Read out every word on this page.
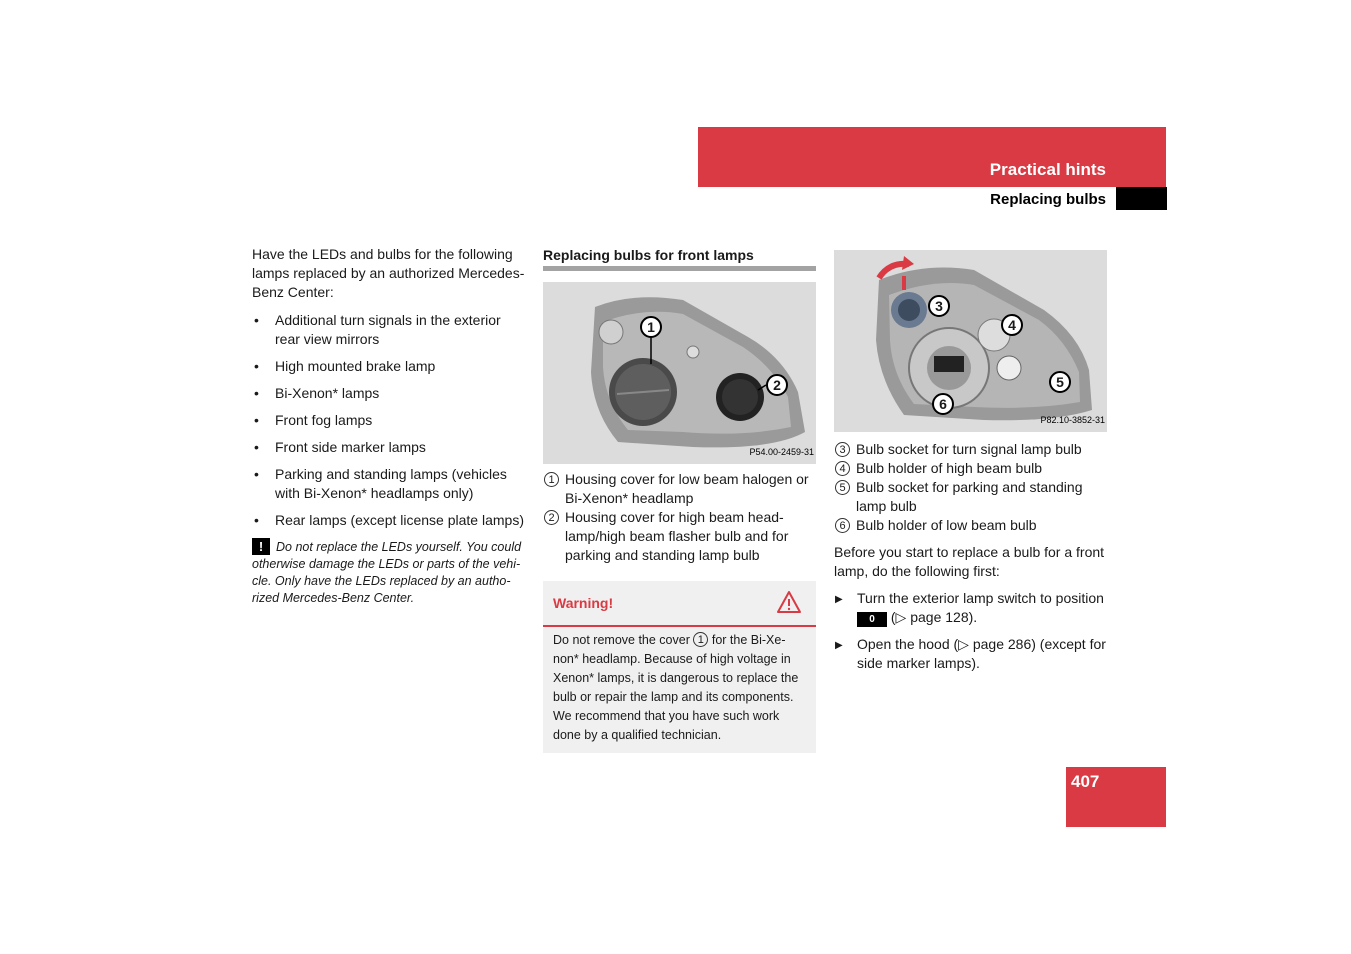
Practical hints
Replacing bulbs

Have the LEDs and bulbs for the following lamps replaced by an authorized Mercedes-Benz Center:

• Additional turn signals in the exterior rear view mirrors
• High mounted brake lamp
• Bi-Xenon* lamps
• Front fog lamps
• Front side marker lamps
• Parking and standing lamps (vehicles with Bi-Xenon* headlamps only)
• Rear lamps (except license plate lamps)
! Do not replace the LEDs yourself. You could otherwise damage the LEDs or parts of the vehi- cle. Only have the LEDs replaced by an autho- rized Mercedes-Benz Center.
Replacing bulbs for front lamps
1
2
P54.00-2459-31
1 Housing cover for low beam halogen or Bi-Xenon* headlamp
2 Housing cover for high beam head- lamp/high beam flasher bulb and for parking and standing lamp bulb
Warning!
Do not remove the cover 1 for the Bi-Xe- non* headlamp. Because of high voltage in Xenon* lamps, it is dangerous to replace the bulb or repair the lamp and its components. We recommend that you have such work done by a qualified technician.
3
4
5
6
P82.10-3852-31
3 Bulb socket for turn signal lamp bulb
4 Bulb holder of high beam bulb
5 Bulb socket for parking and standing lamp bulb
6 Bulb holder of low beam bulb

Before you start to replace a bulb for a front lamp, do the following first:

▶ Turn the exterior lamp switch to position 0 (▷ page 128).
▶ Open the hood (▷ page 286) (except for side marker lamps).
407
